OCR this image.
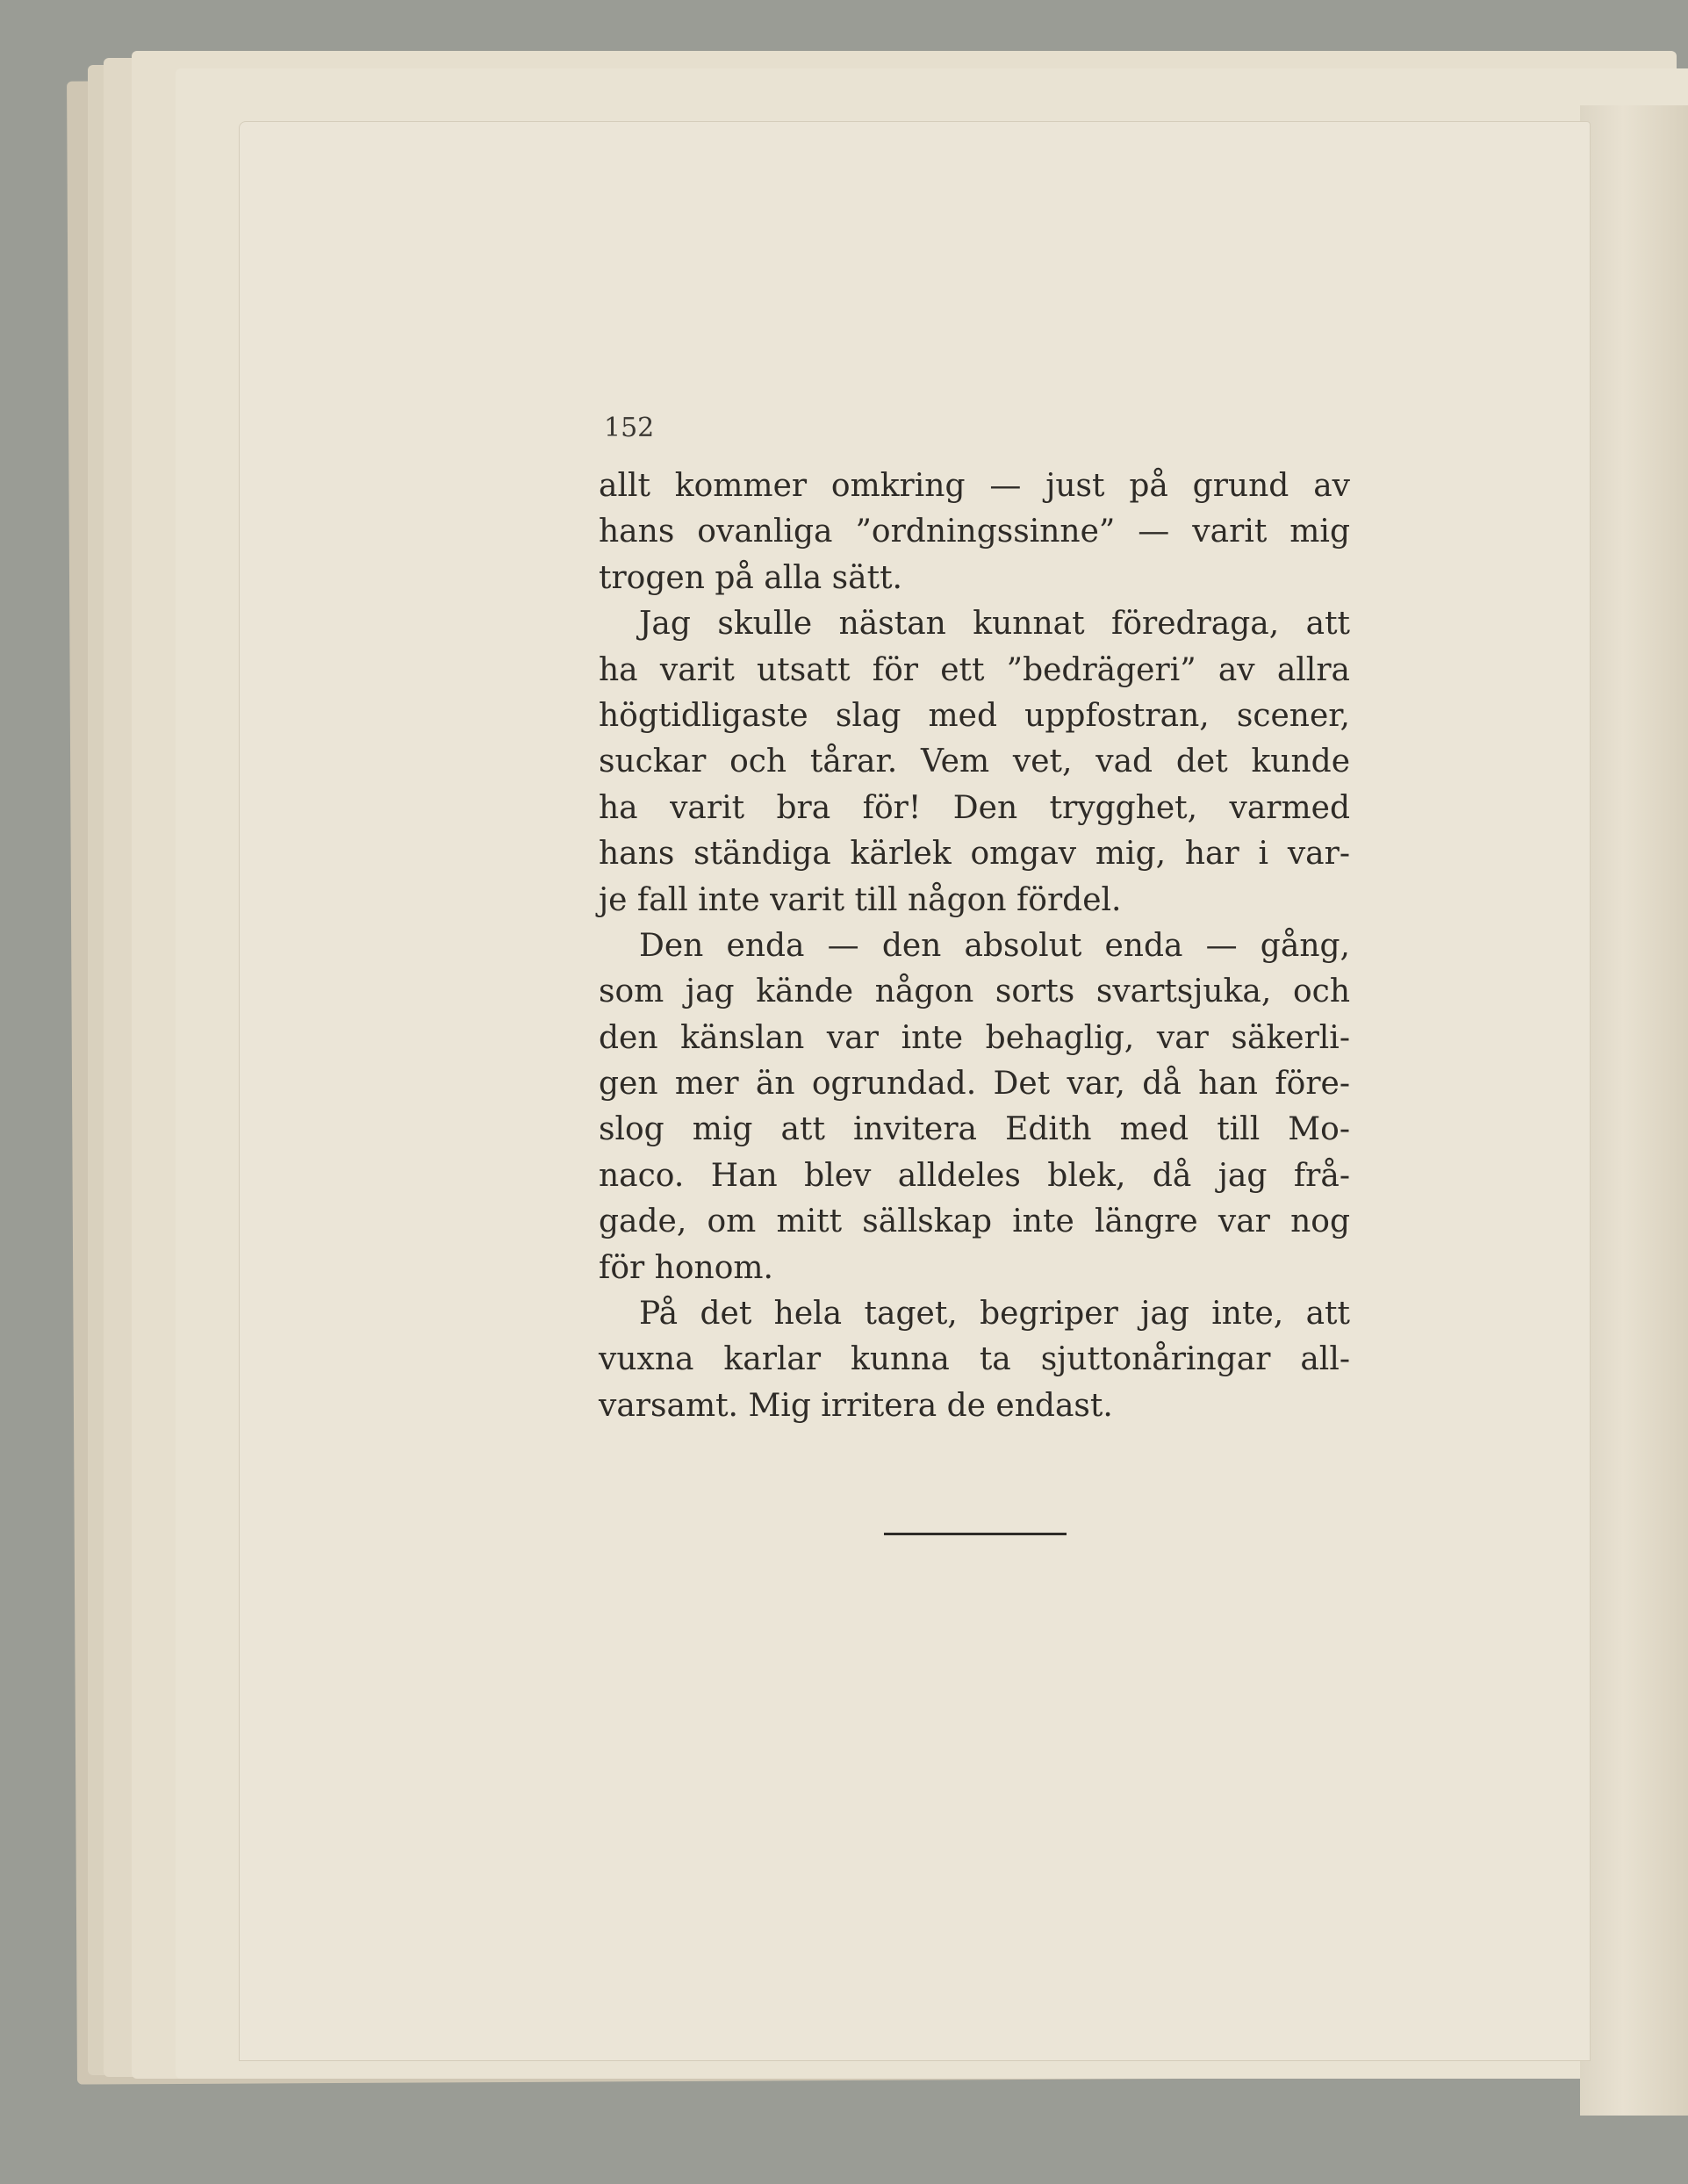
152
allt kommer omkring — just på grund av
hans ovanliga ”ordningssinne” — varit mig
trogen på alla sätt.
Jag skulle nästan kunnat föredraga, att
ha varit utsatt för ett ”bedrägeri” av allra
högtidligaste slag med uppfostran, scener,
suckar och tårar. Vem vet, vad det kunde
ha varit bra för! Den trygghet, varmed
hans ständiga kärlek omgav mig, har i var-
je fall inte varit till någon fördel.
Den enda — den absolut enda — gång,
som jag kände någon sorts svartsjuka, och
den känslan var inte behaglig, var säkerli-
gen mer än ogrundad. Det var, då han före-
slog mig att invitera Edith med till Mo-
naco. Han blev alldeles blek, då jag frå-
gade, om mitt sällskap inte längre var nog
för honom.
På det hela taget, begriper jag inte, att
vuxna karlar kunna ta sjuttonåringar all-
varsamt. Mig irritera de endast.
